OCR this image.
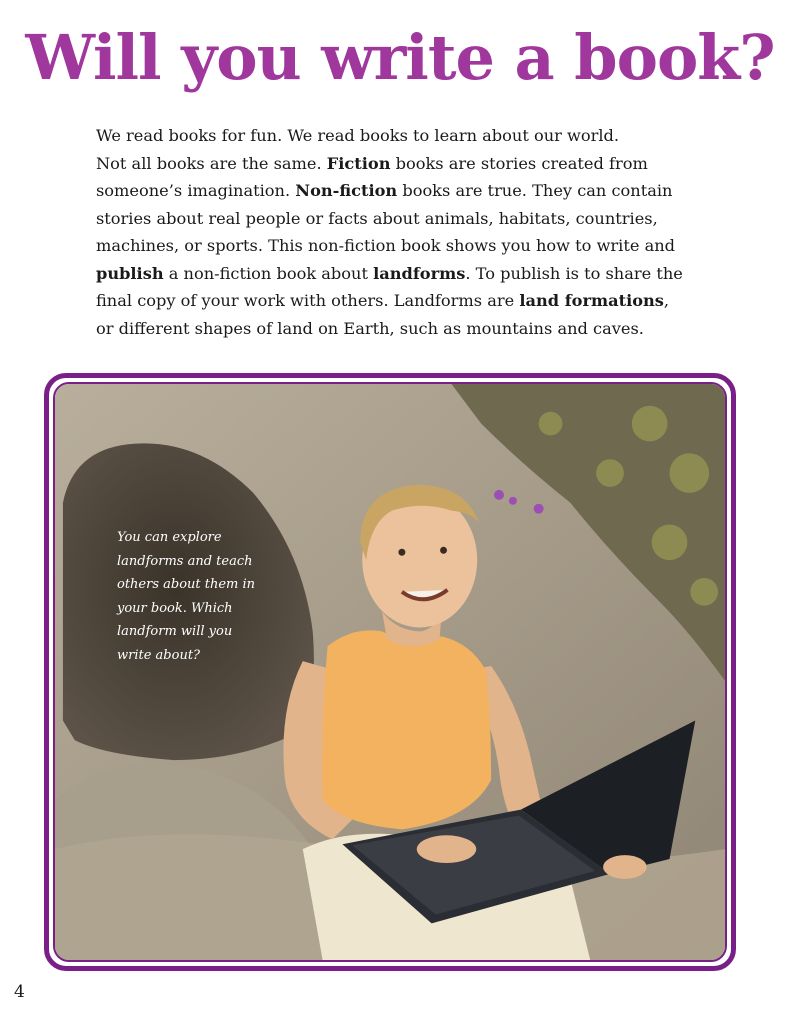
Will you write a book?
We read books for fun. We read books to learn about our world.
Not all books are the same. Fiction books are stories created from
someone’s imagination. Non-fiction books are true. They can contain
stories about real people or facts about animals, habitats, countries,
machines, or sports. This non-fiction book shows you how to write and
publish a non-fiction book about landforms. To publish is to share the
final copy of your work with others. Landforms are land formations,
or different shapes of land on Earth, such as mountains and caves.
You can explore
landforms and teach
others about them in
your book. Which
landform will you
write about?
4
